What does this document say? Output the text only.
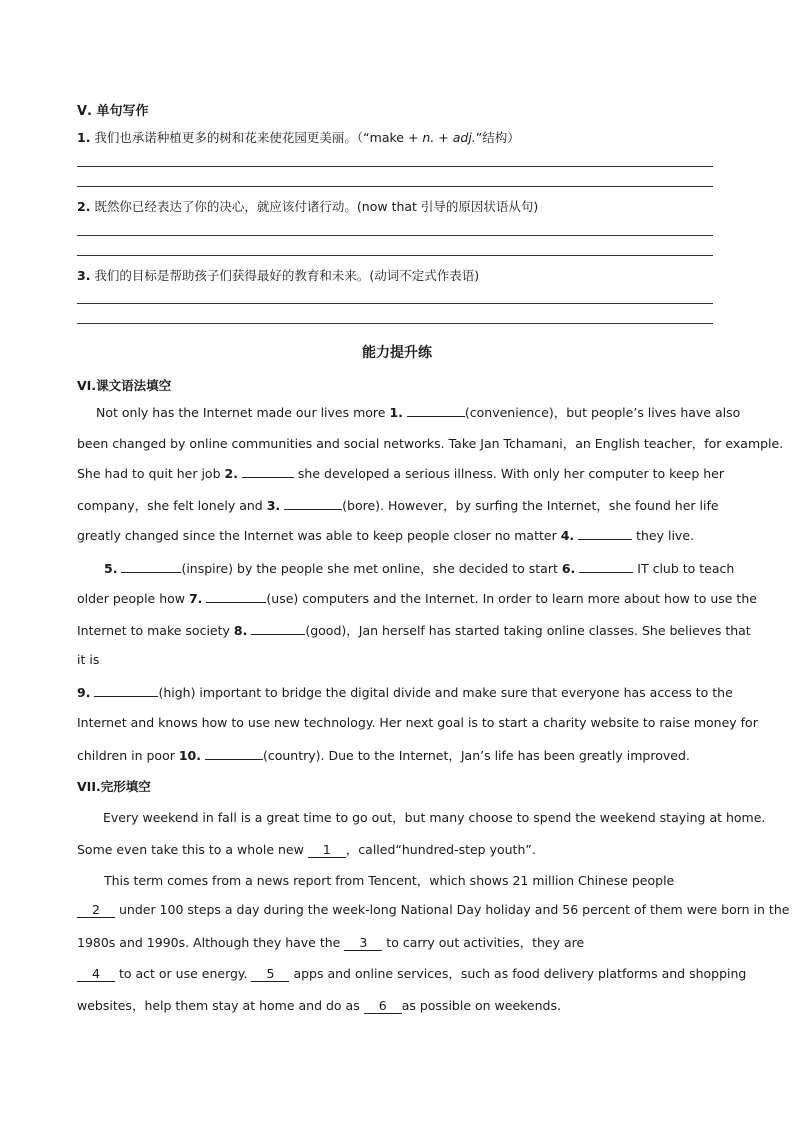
Ⅴ. 单句写作
1. 我们也承诺种植更多的树和花来使花园更美丽。（“make + n. + adj.”结构）
2. 既然你已经表达了你的决心，就应该付诸行动。(now that 引导的原因状语从句)
3. 我们的目标是帮助孩子们获得最好的教育和未来。(动词不定式作表语)
能力提升练
VI.课文语法填空
Not only has the Internet made our lives more 1.	(convenience)，but people’s lives have also
been changed by online communities and social networks. Take Jan Tchamani，an English teacher，for example.
She had to quit her job 2.	she developed a serious illness. With only her computer to keep her
company，she felt lonely and 3.	(bore). However，by surfing the Internet，she found her life
greatly changed since the Internet was able to keep people closer no matter 4.	they live.
5.	(inspire) by the people she met online，she decided to start 6.	IT club to teach
older people how 7.	(use) computers and the Internet. In order to learn more about how to use the
Internet to make society 8.	(good)，Jan herself has started taking online classes. She believes that
it is
9.	(high) important to bridge the digital divide and make sure that everyone has access to the
Internet and knows how to use new technology. Her next goal is to start a charity website to raise money for
children in poor 10.	(country). Due to the Internet，Jan’s life has been greatly improved.
VII.完形填空
Every weekend in fall is a great time to go out，but many choose to spend the weekend staying at home.
Some even take this to a whole new 1 ，called“hundred-step youth”.
This term comes from a news report from Tencent，which shows 21 million Chinese people
2 under 100 steps a day during the week-long National Day holiday and 56 percent of them were born in the
1980s and 1990s. Although they have the 3 to carry out activities，they are
4 to act or use energy. 5 apps and online services，such as food delivery platforms and shopping
websites，help them stay at home and do as 6 as possible on weekends.
